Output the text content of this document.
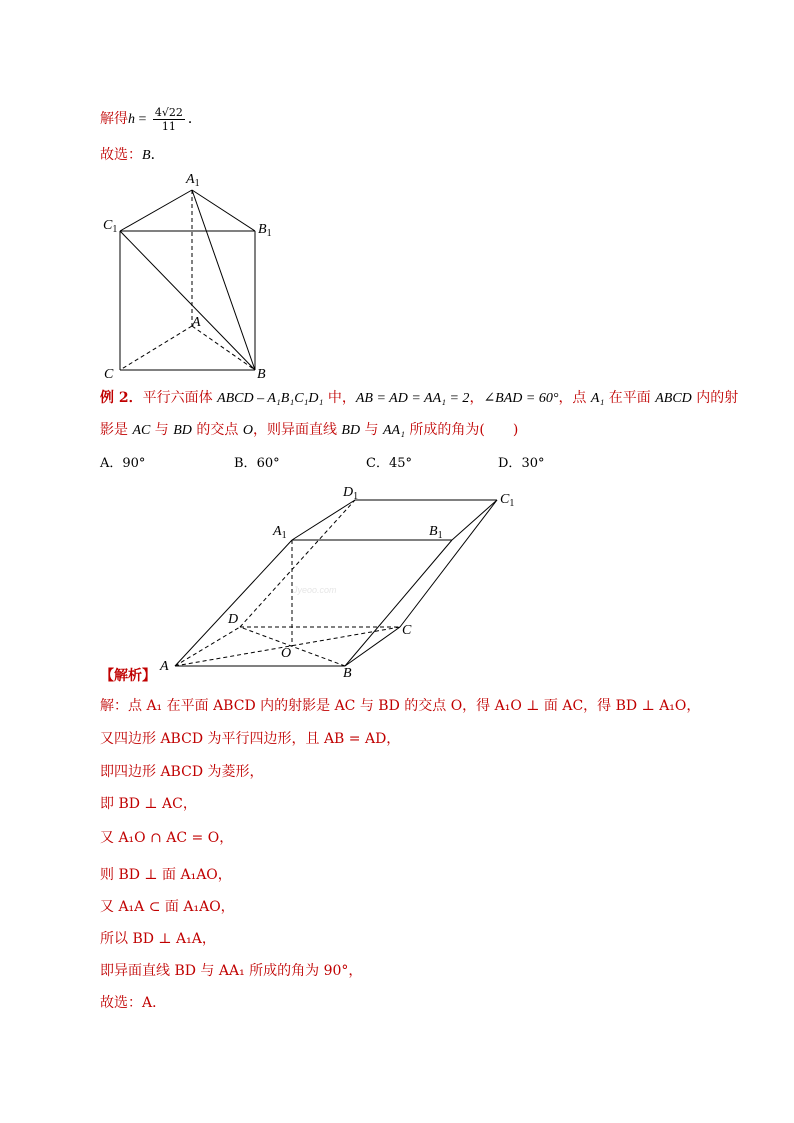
解得$h = \frac{4√22}{11}$ ．
故选：B．
$A_1$
$C_1$	$B_1$
A
C	B
例 2．平行六面体 ABCD – A₁B₁C₁D₁ 中，AB = AD = AA₁ = 2，∠BAD = 60°，点 A₁ 在平面 ABCD 内的射
影是 AC 与 BD 的交点 O，则异面直线 BD 与 AA₁ 所成的角为(　　)
A．90°	B．60°	C．45°	D．30°
$D_1$	$C_1$
$A_1$	$B_1$
D
C
O
A	B
Jyeoo.com
【解析】
解：点 A₁ 在平面 ABCD 内的射影是 AC 与 BD 的交点 O，得 A₁O ⊥ 面 AC，得 BD ⊥ A₁O，
又四边形 ABCD 为平行四边形，且 AB = AD，
即四边形 ABCD 为菱形，
即 BD ⊥ AC，
又 A₁O ∩ AC = O，
则 BD ⊥ 面 A₁AO，
又 A₁A ⊂ 面 A₁AO，
所以 BD ⊥ A₁A，
即异面直线 BD 与 AA₁ 所成的角为 90°，
故选：A．
